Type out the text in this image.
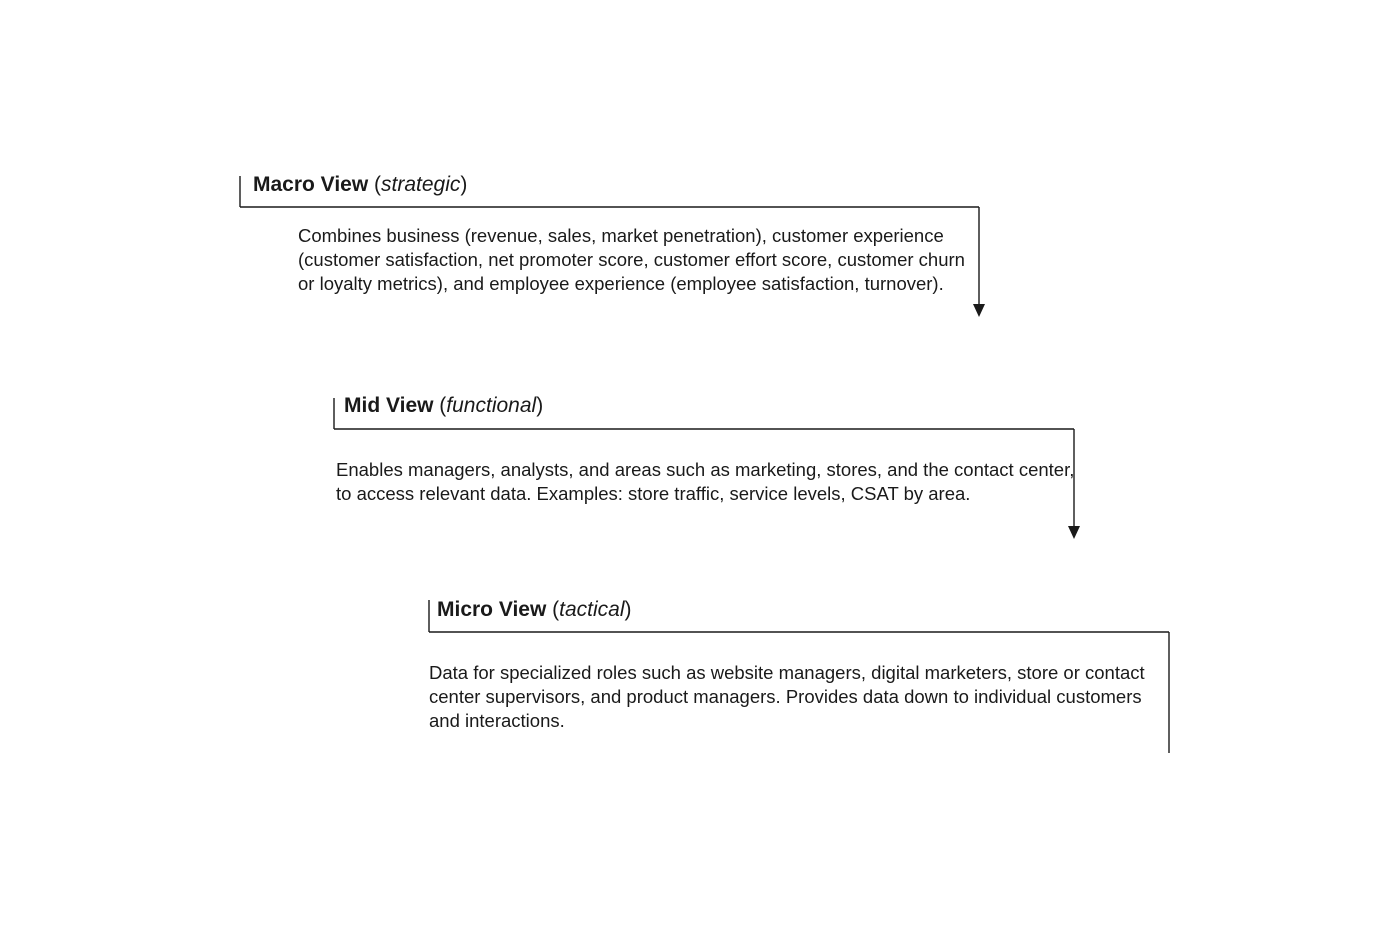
Macro View (strategic)

Combines business (revenue, sales, market penetration), customer experience (customer satisfaction, net promoter score, customer effort score, customer churn or loyalty metrics), and employee experience (employee satisfaction, turnover).

Mid View (functional)

Enables managers, analysts, and areas such as marketing, stores, and the contact center, to access relevant data. Examples: store traffic, service levels, CSAT by area.

Micro View (tactical)

Data for specialized roles such as website managers, digital marketers, store or contact center supervisors, and product managers. Provides data down to individual customers and interactions.
